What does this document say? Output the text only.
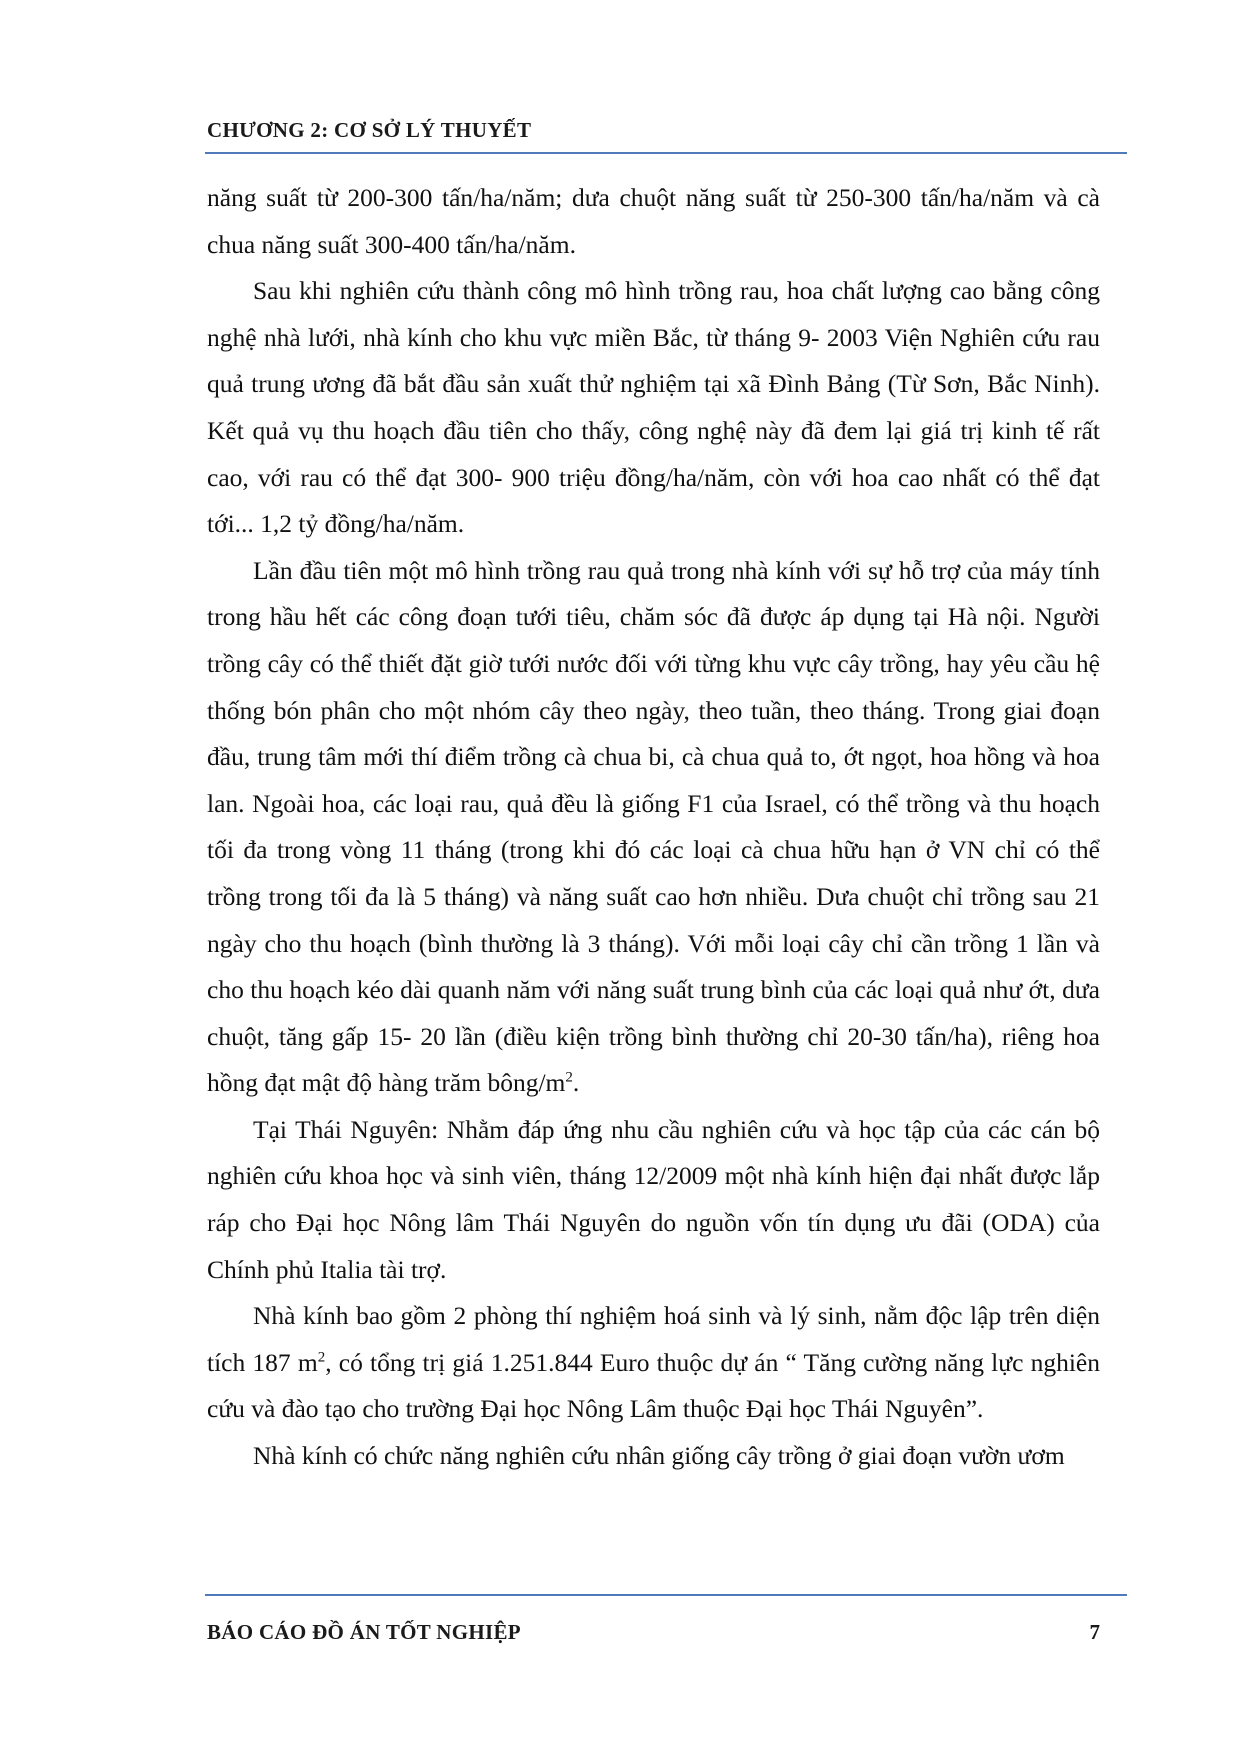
CHƯƠNG 2: CƠ SỞ LÝ THUYẾT

năng suất từ 200-300 tấn/ha/năm; dưa chuột năng suất từ 250-300 tấn/ha/năm và cà chua năng suất 300-400 tấn/ha/năm.

Sau khi nghiên cứu thành công mô hình trồng rau, hoa chất lượng cao bằng công nghệ nhà lưới, nhà kính cho khu vực miền Bắc, từ tháng 9- 2003 Viện Nghiên cứu rau quả trung ương đã bắt đầu sản xuất thử nghiệm tại xã Đình Bảng (Từ Sơn, Bắc Ninh). Kết quả vụ thu hoạch đầu tiên cho thấy, công nghệ này đã đem lại giá trị kinh tế rất cao, với rau có thể đạt 300- 900 triệu đồng/ha/năm, còn với hoa cao nhất có thể đạt tới... 1,2 tỷ đồng/ha/năm.

Lần đầu tiên một mô hình trồng rau quả trong nhà kính với sự hỗ trợ của máy tính trong hầu hết các công đoạn tưới tiêu, chăm sóc đã được áp dụng tại Hà nội. Người trồng cây có thể thiết đặt giờ tưới nước đối với từng khu vực cây trồng, hay yêu cầu hệ thống bón phân cho một nhóm cây theo ngày, theo tuần, theo tháng. Trong giai đoạn đầu, trung tâm mới thí điểm trồng cà chua bi, cà chua quả to, ớt ngọt, hoa hồng và hoa lan. Ngoài hoa, các loại rau, quả đều là giống F1 của Israel, có thể trồng và thu hoạch tối đa trong vòng 11 tháng (trong khi đó các loại cà chua hữu hạn ở VN chỉ có thể trồng trong tối đa là 5 tháng) và năng suất cao hơn nhiều. Dưa chuột chỉ trồng sau 21 ngày cho thu hoạch (bình thường là 3 tháng). Với mỗi loại cây chỉ cần trồng 1 lần và cho thu hoạch kéo dài quanh năm với năng suất trung bình của các loại quả như ớt, dưa chuột, tăng gấp 15- 20 lần (điều kiện trồng bình thường chỉ 20-30 tấn/ha), riêng hoa hồng đạt mật độ hàng trăm bông/$m^2$.

Tại Thái Nguyên: Nhằm đáp ứng nhu cầu nghiên cứu và học tập của các cán bộ nghiên cứu khoa học và sinh viên, tháng 12/2009 một nhà kính hiện đại nhất được lắp ráp cho Đại học Nông lâm Thái Nguyên do nguồn vốn tín dụng ưu đãi (ODA) của Chính phủ Italia tài trợ.

Nhà kính bao gồm 2 phòng thí nghiệm hoá sinh và lý sinh, nằm độc lập trên diện tích 187 $m^2$, có tổng trị giá 1.251.844 Euro thuộc dự án “ Tăng cường năng lực nghiên cứu và đào tạo cho trường Đại học Nông Lâm thuộc Đại học Thái Nguyên”.

Nhà kính có chức năng nghiên cứu nhân giống cây trồng ở giai đoạn vườn ươm

BÁO CÁO ĐỒ ÁN TỐT NGHIỆP	7
